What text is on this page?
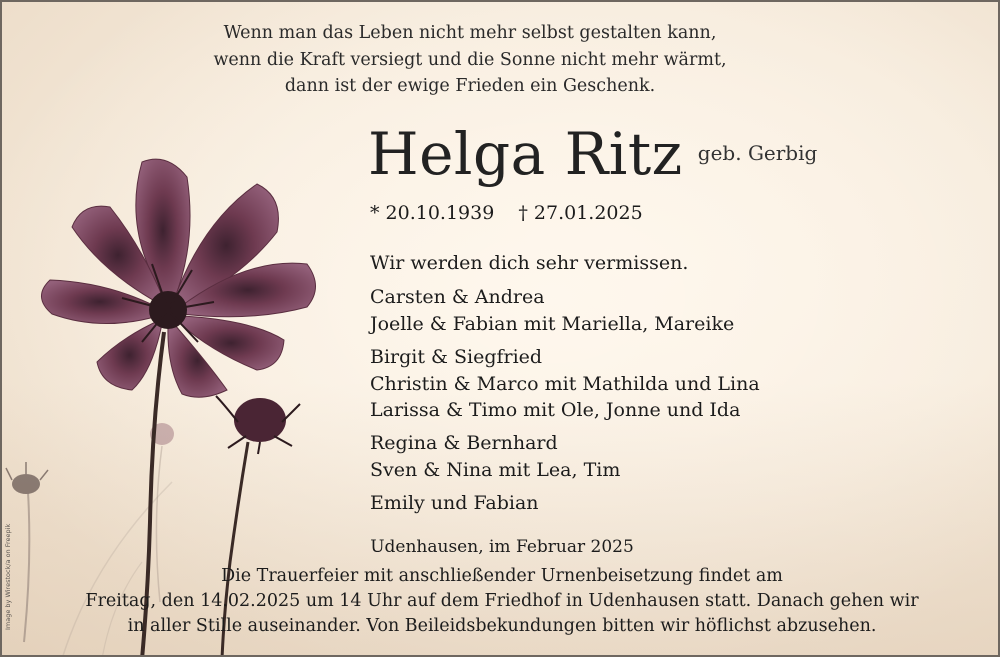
Wenn man das Leben nicht mehr selbst gestalten kann,
wenn die Kraft versiegt und die Sonne nicht mehr wärmt,
dann ist der ewige Frieden ein Geschenk.
Helga Ritz geb. Gerbig
* 20.10.1939 † 27.01.2025
Wir werden dich sehr vermissen.
Carsten & Andrea
Joelle & Fabian mit Mariella, Mareike
Birgit & Siegfried
Christin & Marco mit Mathilda und Lina
Larissa & Timo mit Ole, Jonne und Ida
Regina & Bernhard
Sven & Nina mit Lea, Tim
Emily und Fabian
Udenhausen, im Februar 2025
Die Trauerfeier mit anschließender Urnenbeisetzung findet am
Freitag, den 14.02.2025 um 14 Uhr auf dem Friedhof in Udenhausen statt. Danach gehen wir
in aller Stille auseinander. Von Beileidsbekundungen bitten wir höflichst abzusehen.
Image by Wirestock/a on Freepik
